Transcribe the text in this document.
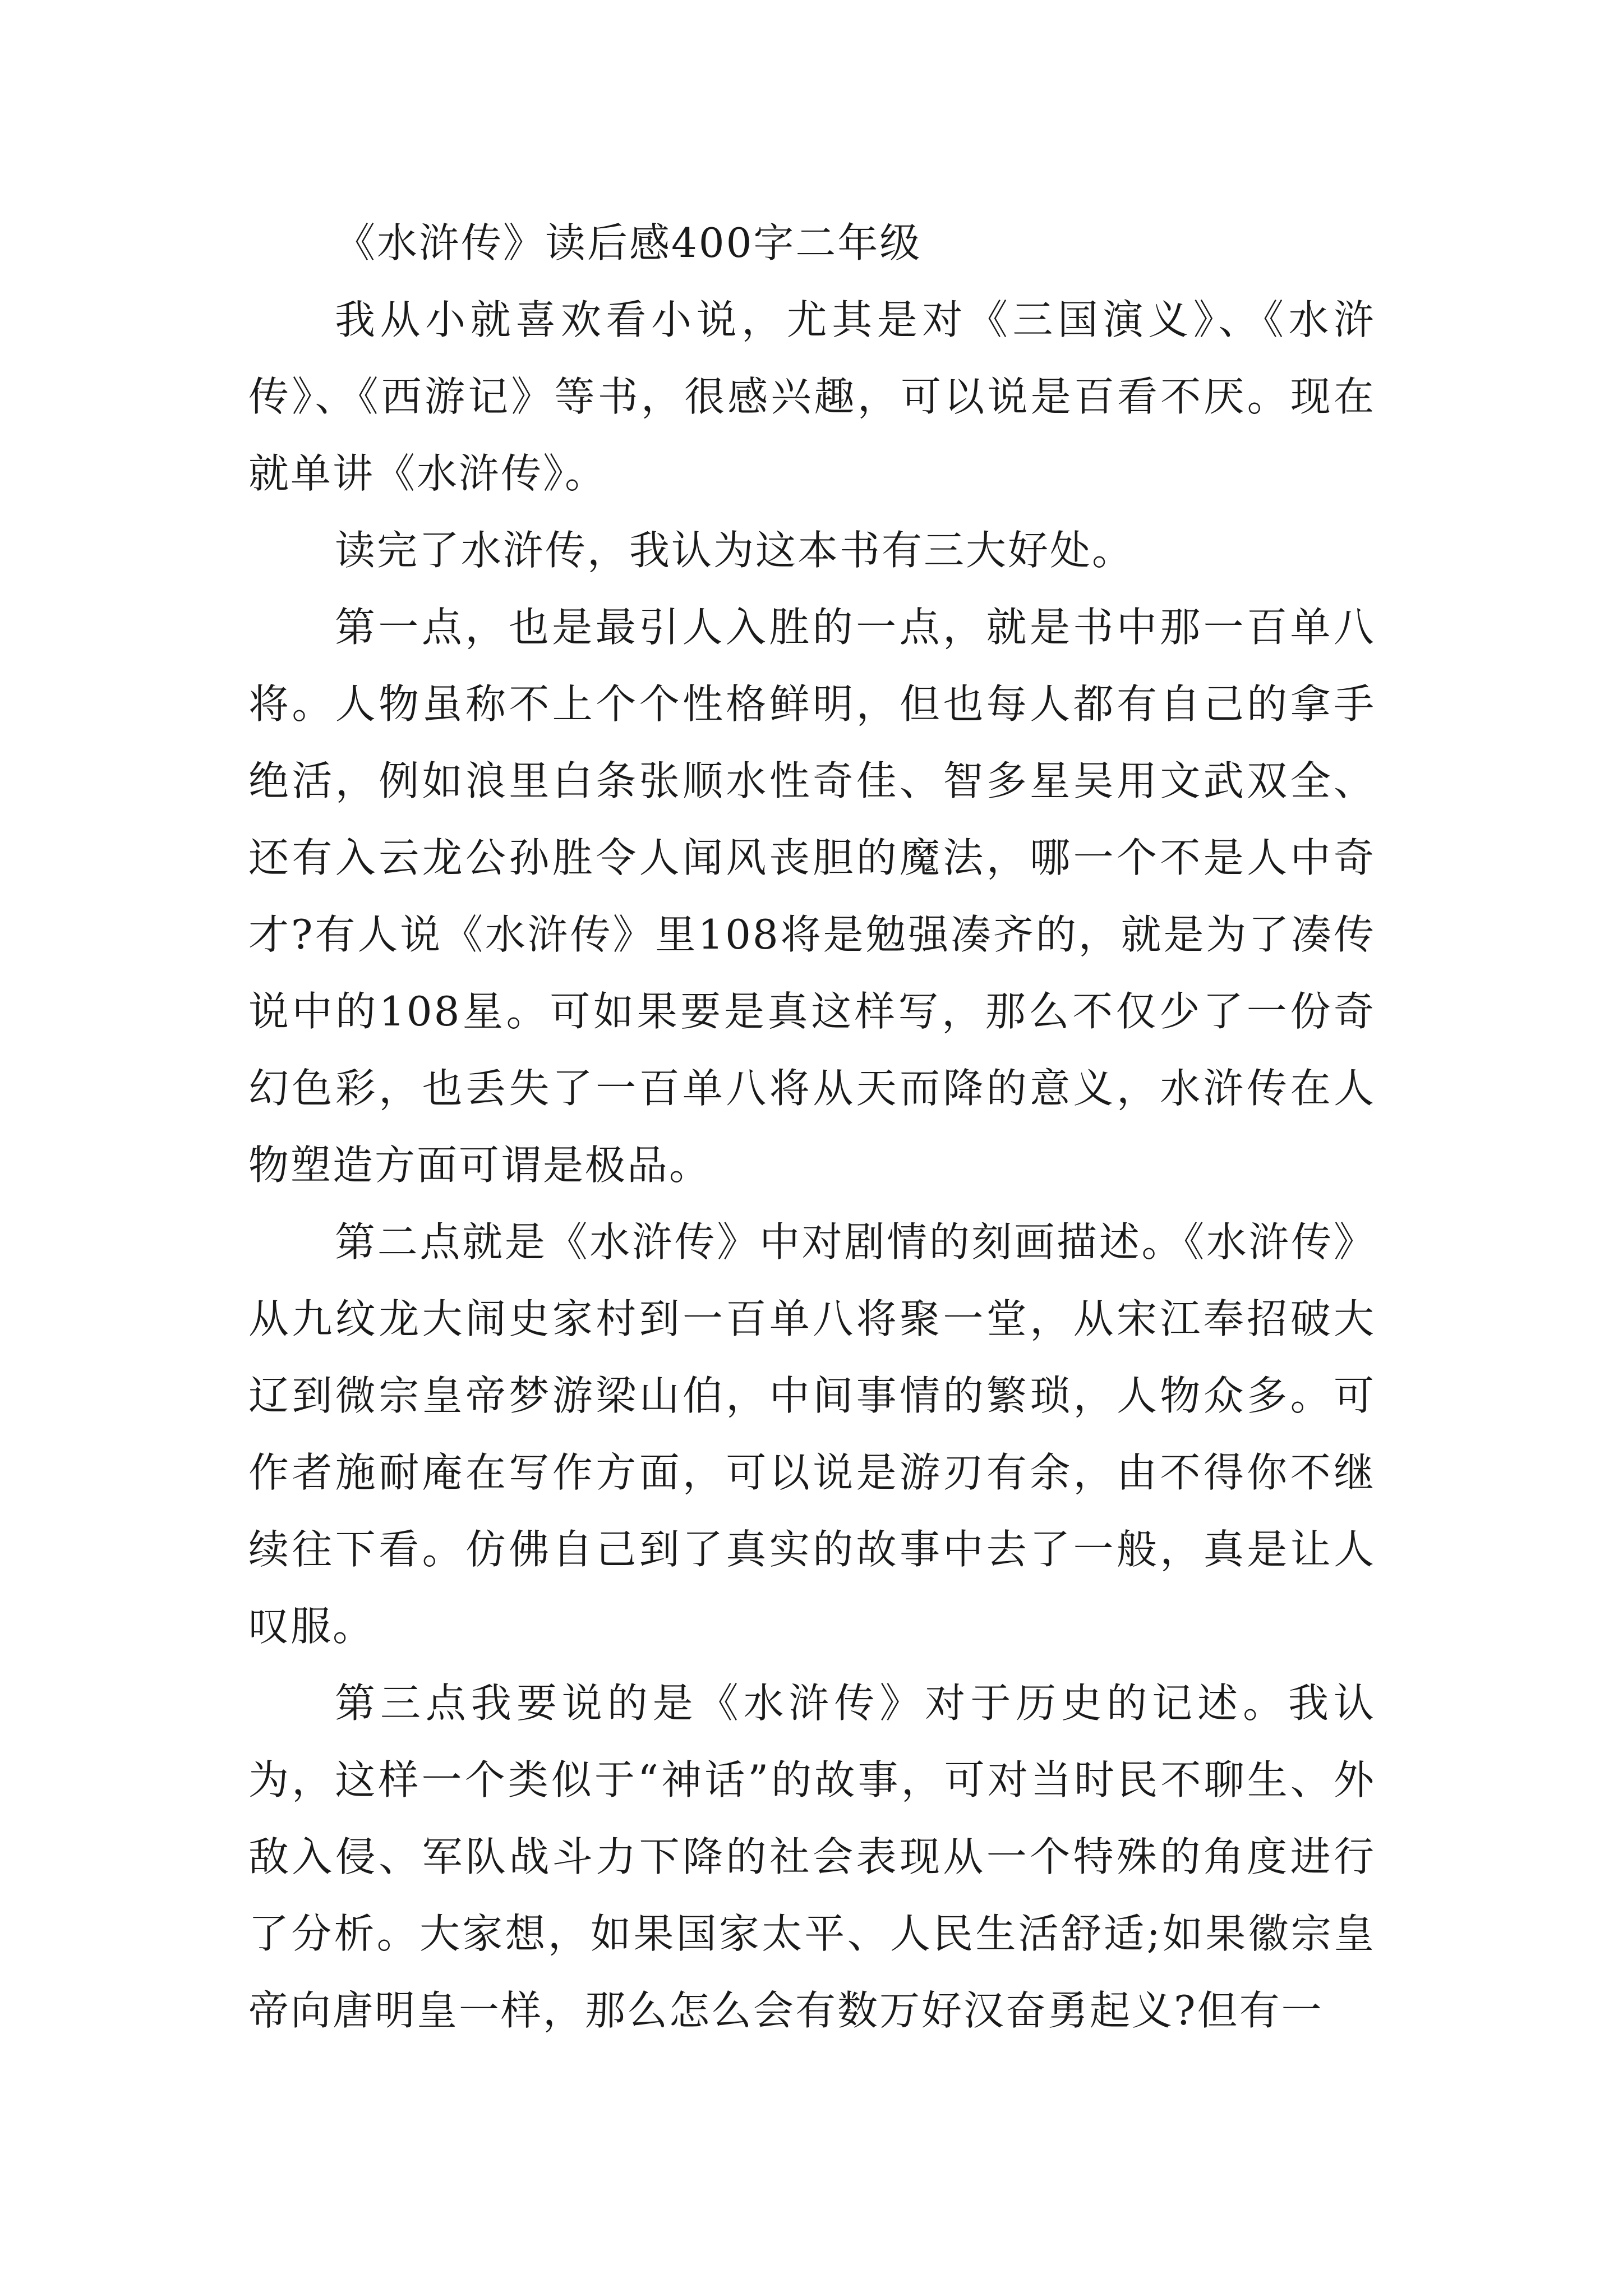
《水浒传》读后感400字二年级

我从小就喜欢看小说，尤其是对《三国演义》、《水浒传》、《西游记》等书，很感兴趣，可以说是百看不厌。现在就单讲《水浒传》。

读完了水浒传，我认为这本书有三大好处。

第一点，也是最引人入胜的一点，就是书中那一百单八将。人物虽称不上个个性格鲜明，但也每人都有自己的拿手绝活，例如浪里白条张顺水性奇佳、智多星吴用文武双全、还有入云龙公孙胜令人闻风丧胆的魔法，哪一个不是人中奇才?有人说《水浒传》里108将是勉强凑齐的，就是为了凑传说中的108星。可如果要是真这样写，那么不仅少了一份奇幻色彩，也丢失了一百单八将从天而降的意义，水浒传在人物塑造方面可谓是极品。

第二点就是《水浒传》中对剧情的刻画描述。《水浒传》从九纹龙大闹史家村到一百单八将聚一堂，从宋江奉招破大辽到微宗皇帝梦游梁山伯，中间事情的繁琐，人物众多。可作者施耐庵在写作方面，可以说是游刃有余，由不得你不继续往下看。仿佛自己到了真实的故事中去了一般，真是让人叹服。

第三点我要说的是《水浒传》对于历史的记述。我认为，这样一个类似于“神话”的故事，可对当时民不聊生、外敌入侵、军队战斗力下降的社会表现从一个特殊的角度进行了分析。大家想，如果国家太平、人民生活舒适;如果徽宗皇帝向唐明皇一样，那么怎么会有数万好汉奋勇起义?但有一
